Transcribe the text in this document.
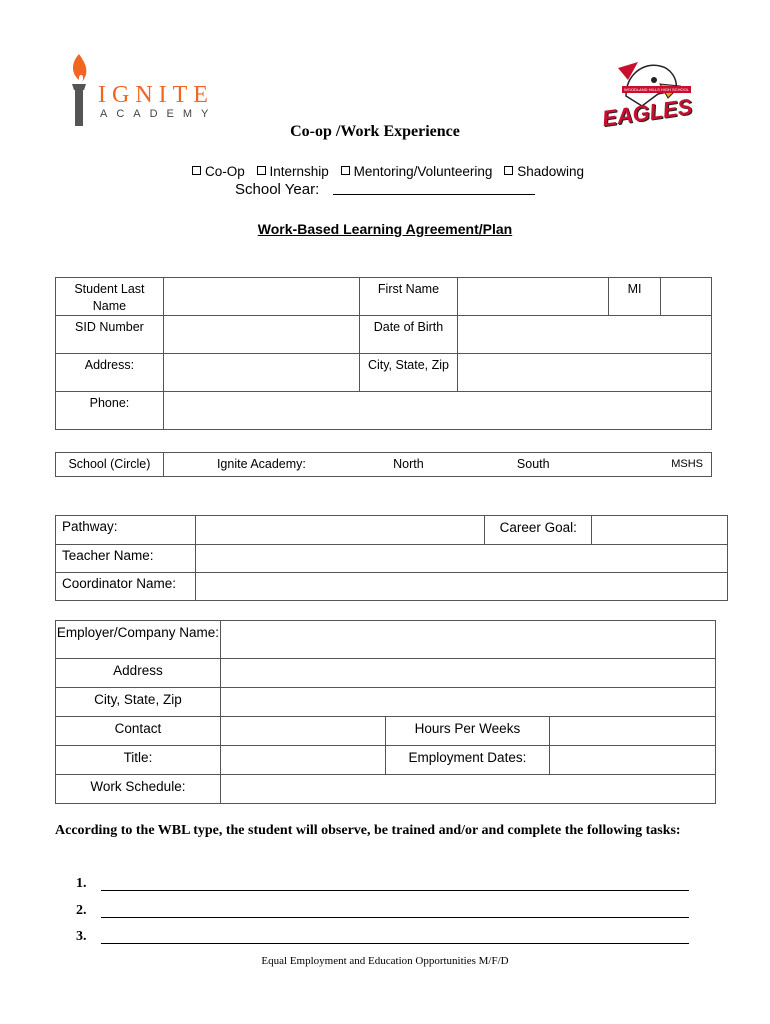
IGNITE
ACADEMY
WOODLAND HILLS HIGH SCHOOL
EAGLES
Co-op /Work Experience
Co-Op Internship Mentoring/Volunteering Shadowing
School Year:
Work-Based Learning Agreement/Plan
Student Last Name		First Name		MI	
SID Number		Date of Birth			
Address:		City, State, Zip			
Phone:					
School (Circle)	Ignite Academy:	North	South	MSHS
Pathway:		Career Goal:	
Teacher Name:			
Coordinator Name:			
Employer/Company Name:			
Address			
City, State, Zip			
Contact		Hours Per Weeks	
Title:		Employment Dates:	
Work Schedule:			
According to the WBL type, the student will observe, be trained and/or and complete the following tasks:
1.
2.
3.
Equal Employment and Education Opportunities M/F/D
